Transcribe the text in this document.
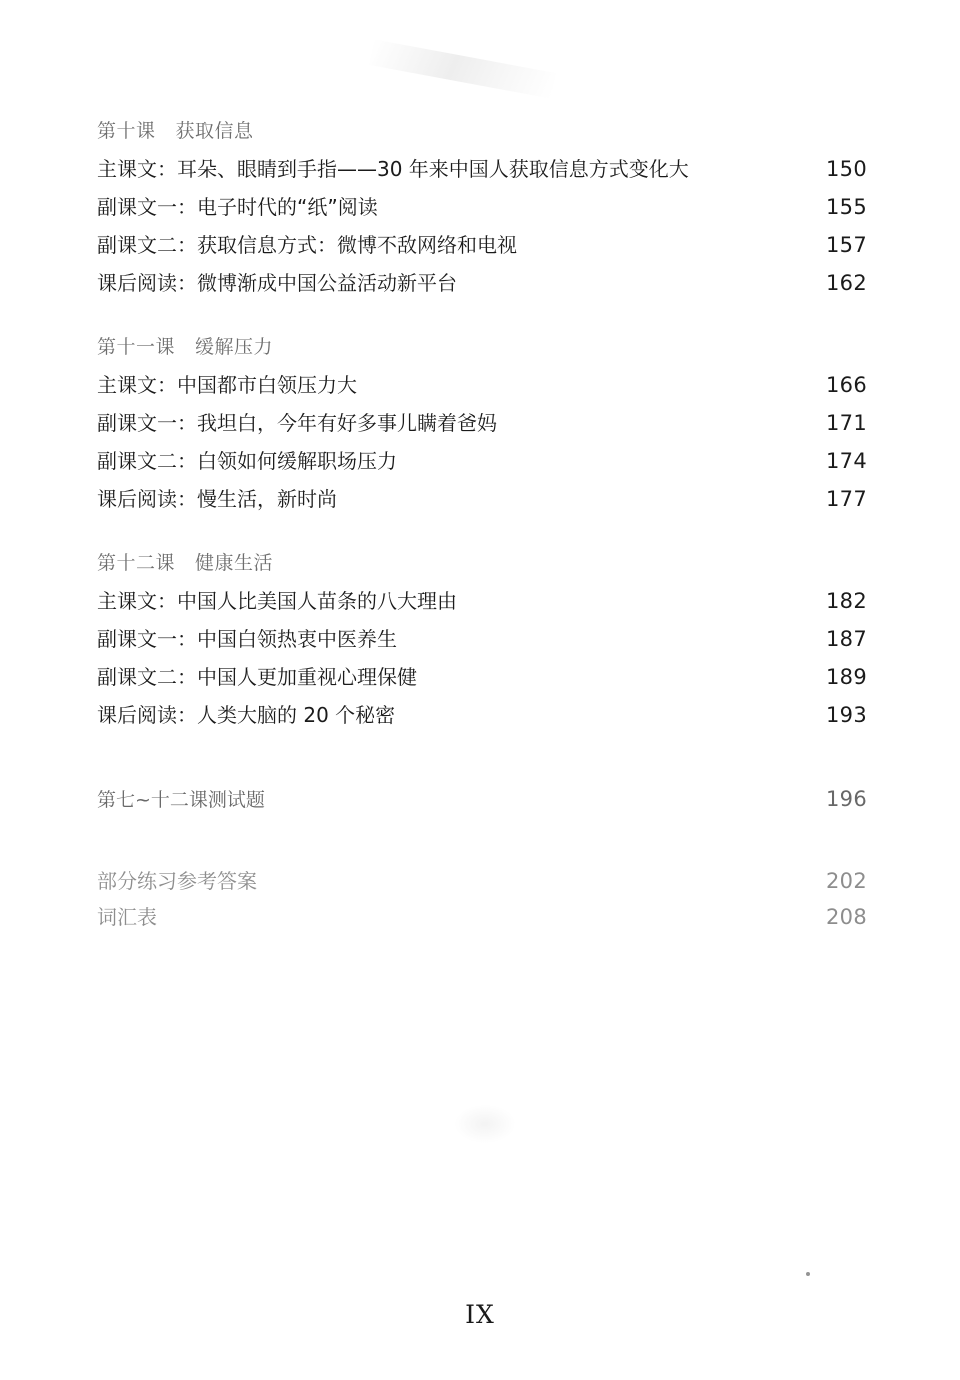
第十课 获取信息
主课文：耳朵、眼睛到手指——30 年来中国人获取信息方式变化大 ·····	150
副课文一：电子时代的“纸”阅读 ·····	155
副课文二：获取信息方式：微博不敌网络和电视 ·····	157
课后阅读：微博渐成中国公益活动新平台 ·····	162
第十一课 缓解压力
主课文：中国都市白领压力大 ·····	166
副课文一：我坦白，今年有好多事儿瞒着爸妈 ·····	171
副课文二：白领如何缓解职场压力 ·····	174
课后阅读：慢生活，新时尚 ·····	177
第十二课 健康生活
主课文：中国人比美国人苗条的八大理由 ·····	182
副课文一：中国白领热衷中医养生 ·····	187
副课文二：中国人更加重视心理保健 ·····	189
课后阅读：人类大脑的 20 个秘密 ·····	193
第七~十二课测试题 ·····	196
部分练习参考答案 ·····	202
词汇表 ·····	208
IX
